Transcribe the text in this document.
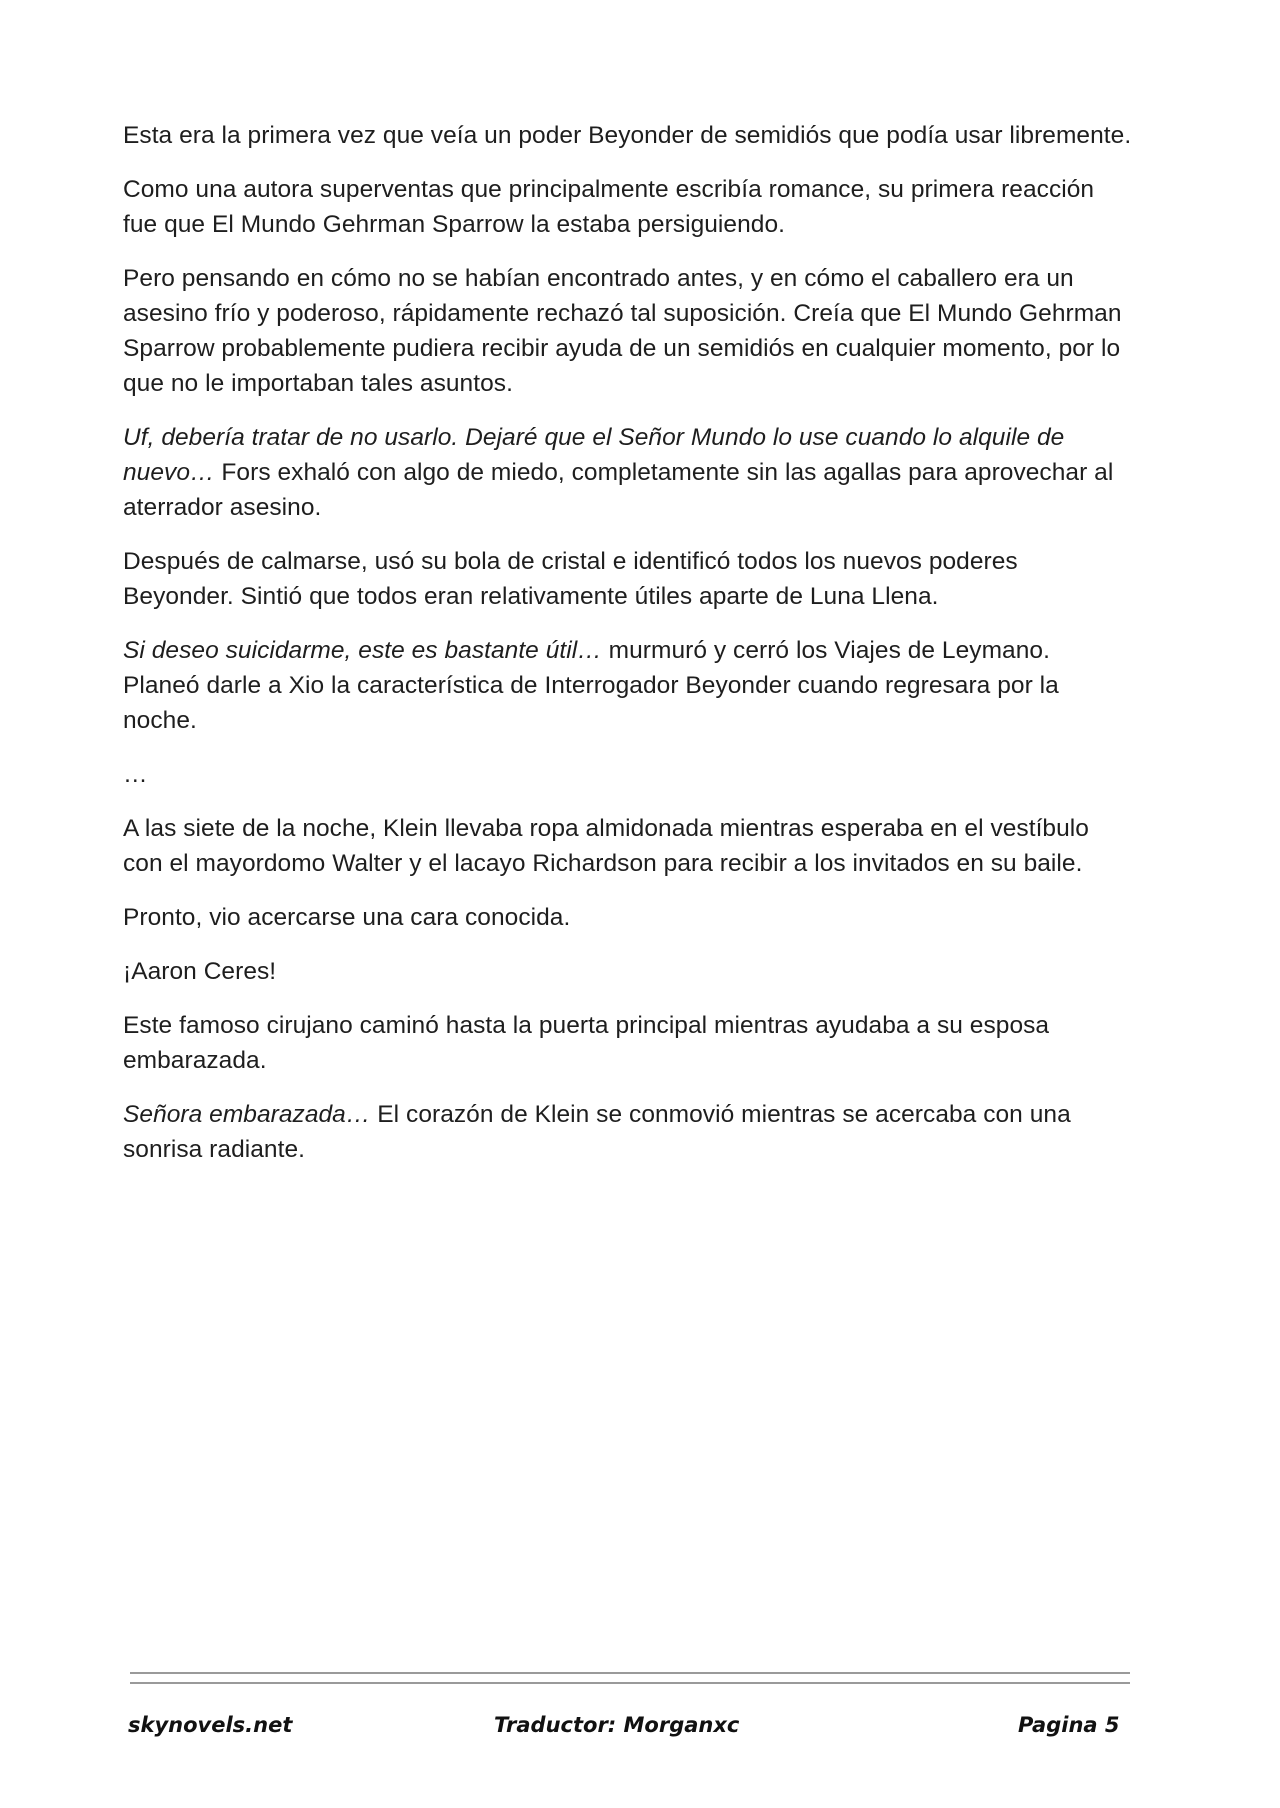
Esta era la primera vez que veía un poder Beyonder de semidiós que podía usar librementе.

Como una autora superventas que principalmente escribía romance, su primera reacción fue que El Mundo Gehrman Sparrow la estaba persiguiendo.

Pero pensando en cómo no se habían encontrado antes, y en cómo el caballero era un asesino frío y poderoso, rápidamente rechazó tal suposición. Creía que El Mundo Gehrman Sparrow probablemente pudiera recibir ayuda de un semidiós en cualquier momento, por lo que no le importaban tales asuntos.

Uf, debería tratar de no usarlo. Dejaré que el Señor Mundo lo use cuando lo alquile de nuevo… Fors exhaló con algo de miedo, completamente sin las agallas para aprovechar al aterrador asesino.

Después de calmarse, usó su bola de cristal e identificó todos los nuevos poderes Beyonder. Sintió que todos eran relativamente útiles aparte de Luna Llena.

Si deseo suicidarme, este es bastante útil… murmuró y cerró los Viajes de Leymano. Planeó darle a Xio la característica de Interrogador Beyonder cuando regresara por la noche.

…

A las siete de la noche, Klein llevaba ropa almidonada mientras esperaba en el vestíbulo con el mayordomo Walter y el lacayo Richardson para recibir a los invitados en su baile.

Pronto, vio acercarse una cara conocida.

¡Aaron Ceres!

Este famoso cirujano caminó hasta la puerta principal mientras ayudaba a su esposa embarazada.

Señora embarazada… El corazón de Klein se conmovió mientras se acercaba con una sonrisa radiante.

skynovels.net	Traductor: Morganxc	Pagina 5
